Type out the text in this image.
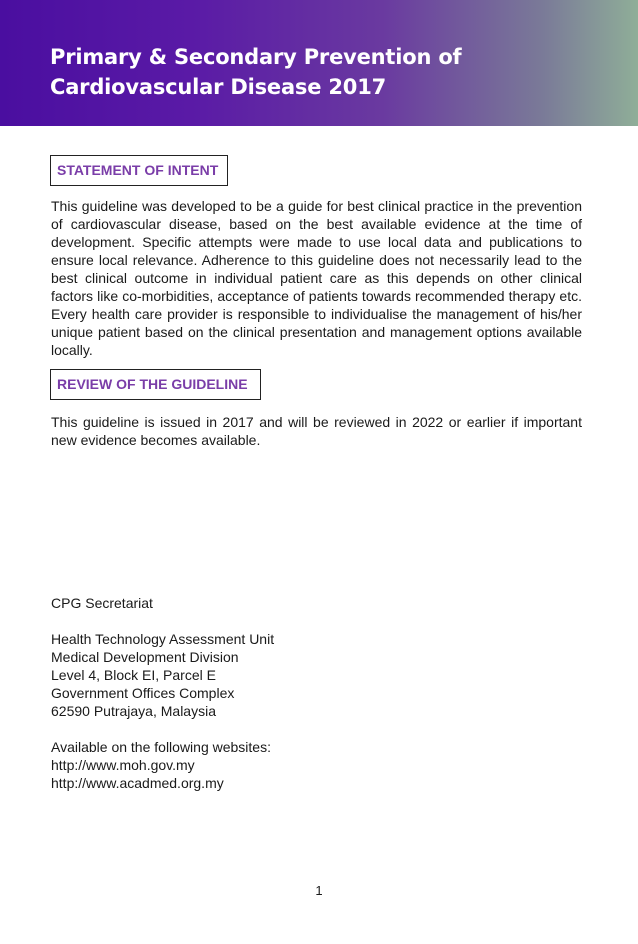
Primary & Secondary Prevention of Cardiovascular Disease 2017
STATEMENT OF INTENT

This guideline was developed to be a guide for best clinical practice in the prevention of cardiovascular disease, based on the best available evidence at the time of development. Specific attempts were made to use local data and publications to ensure local relevance. Adherence to this guideline does not necessarily lead to the best clinical outcome in individual patient care as this depends on other clinical factors like co-morbidities, acceptance of patients towards recommended therapy etc. Every health care provider is responsible to individualise the management of his/her unique patient based on the clinical presentation and management options available locally.

REVIEW OF THE GUIDELINE

This guideline is issued in 2017 and will be reviewed in 2022 or earlier if important new evidence becomes available.

CPG Secretariat
Health Technology Assessment Unit
Medical Development Division
Level 4, Block EI, Parcel E
Government Offices Complex
62590 Putrajaya, Malaysia
Available on the following websites:
http://www.moh.gov.my
http://www.acadmed.org.my
1
